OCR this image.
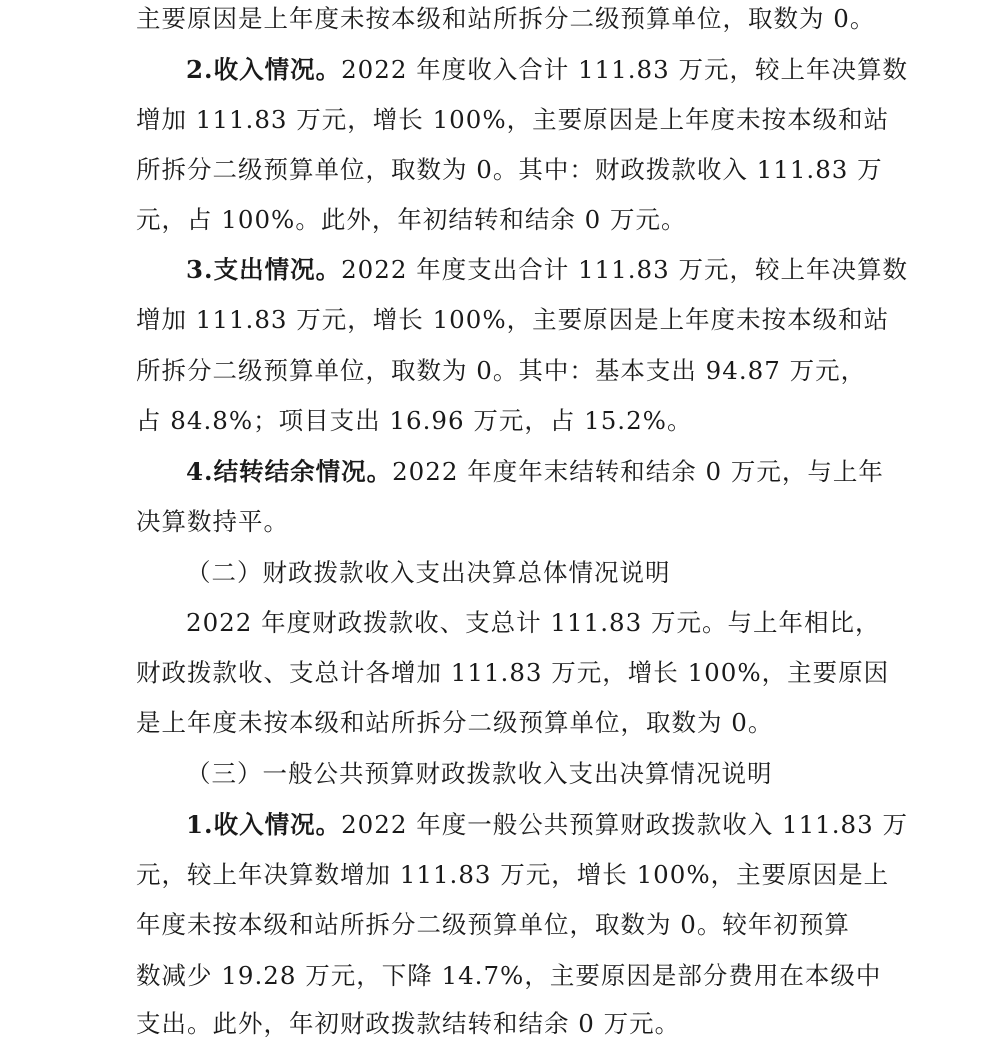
主要原因是上年度未按本级和站所拆分二级预算单位，取数为 0。
2.收入情况。2022 年度收入合计 111.83 万元，较上年决算数
增加 111.83 万元，增长 100%，主要原因是上年度未按本级和站
所拆分二级预算单位，取数为 0。其中：财政拨款收入 111.83 万
元，占 100%。此外，年初结转和结余 0 万元。
3.支出情况。2022 年度支出合计 111.83 万元，较上年决算数
增加 111.83 万元，增长 100%，主要原因是上年度未按本级和站
所拆分二级预算单位，取数为 0。其中：基本支出 94.87 万元，
占 84.8%；项目支出 16.96 万元，占 15.2%。
4.结转结余情况。2022 年度年末结转和结余 0 万元，与上年
决算数持平。
（二）财政拨款收入支出决算总体情况说明
2022 年度财政拨款收、支总计 111.83 万元。与上年相比，
财政拨款收、支总计各增加 111.83 万元，增长 100%，主要原因
是上年度未按本级和站所拆分二级预算单位，取数为 0。
（三）一般公共预算财政拨款收入支出决算情况说明
1.收入情况。2022 年度一般公共预算财政拨款收入 111.83 万
元，较上年决算数增加 111.83 万元，增长 100%，主要原因是上
年度未按本级和站所拆分二级预算单位，取数为 0。较年初预算
数减少 19.28 万元，下降 14.7%，主要原因是部分费用在本级中
支出。此外，年初财政拨款结转和结余 0 万元。
